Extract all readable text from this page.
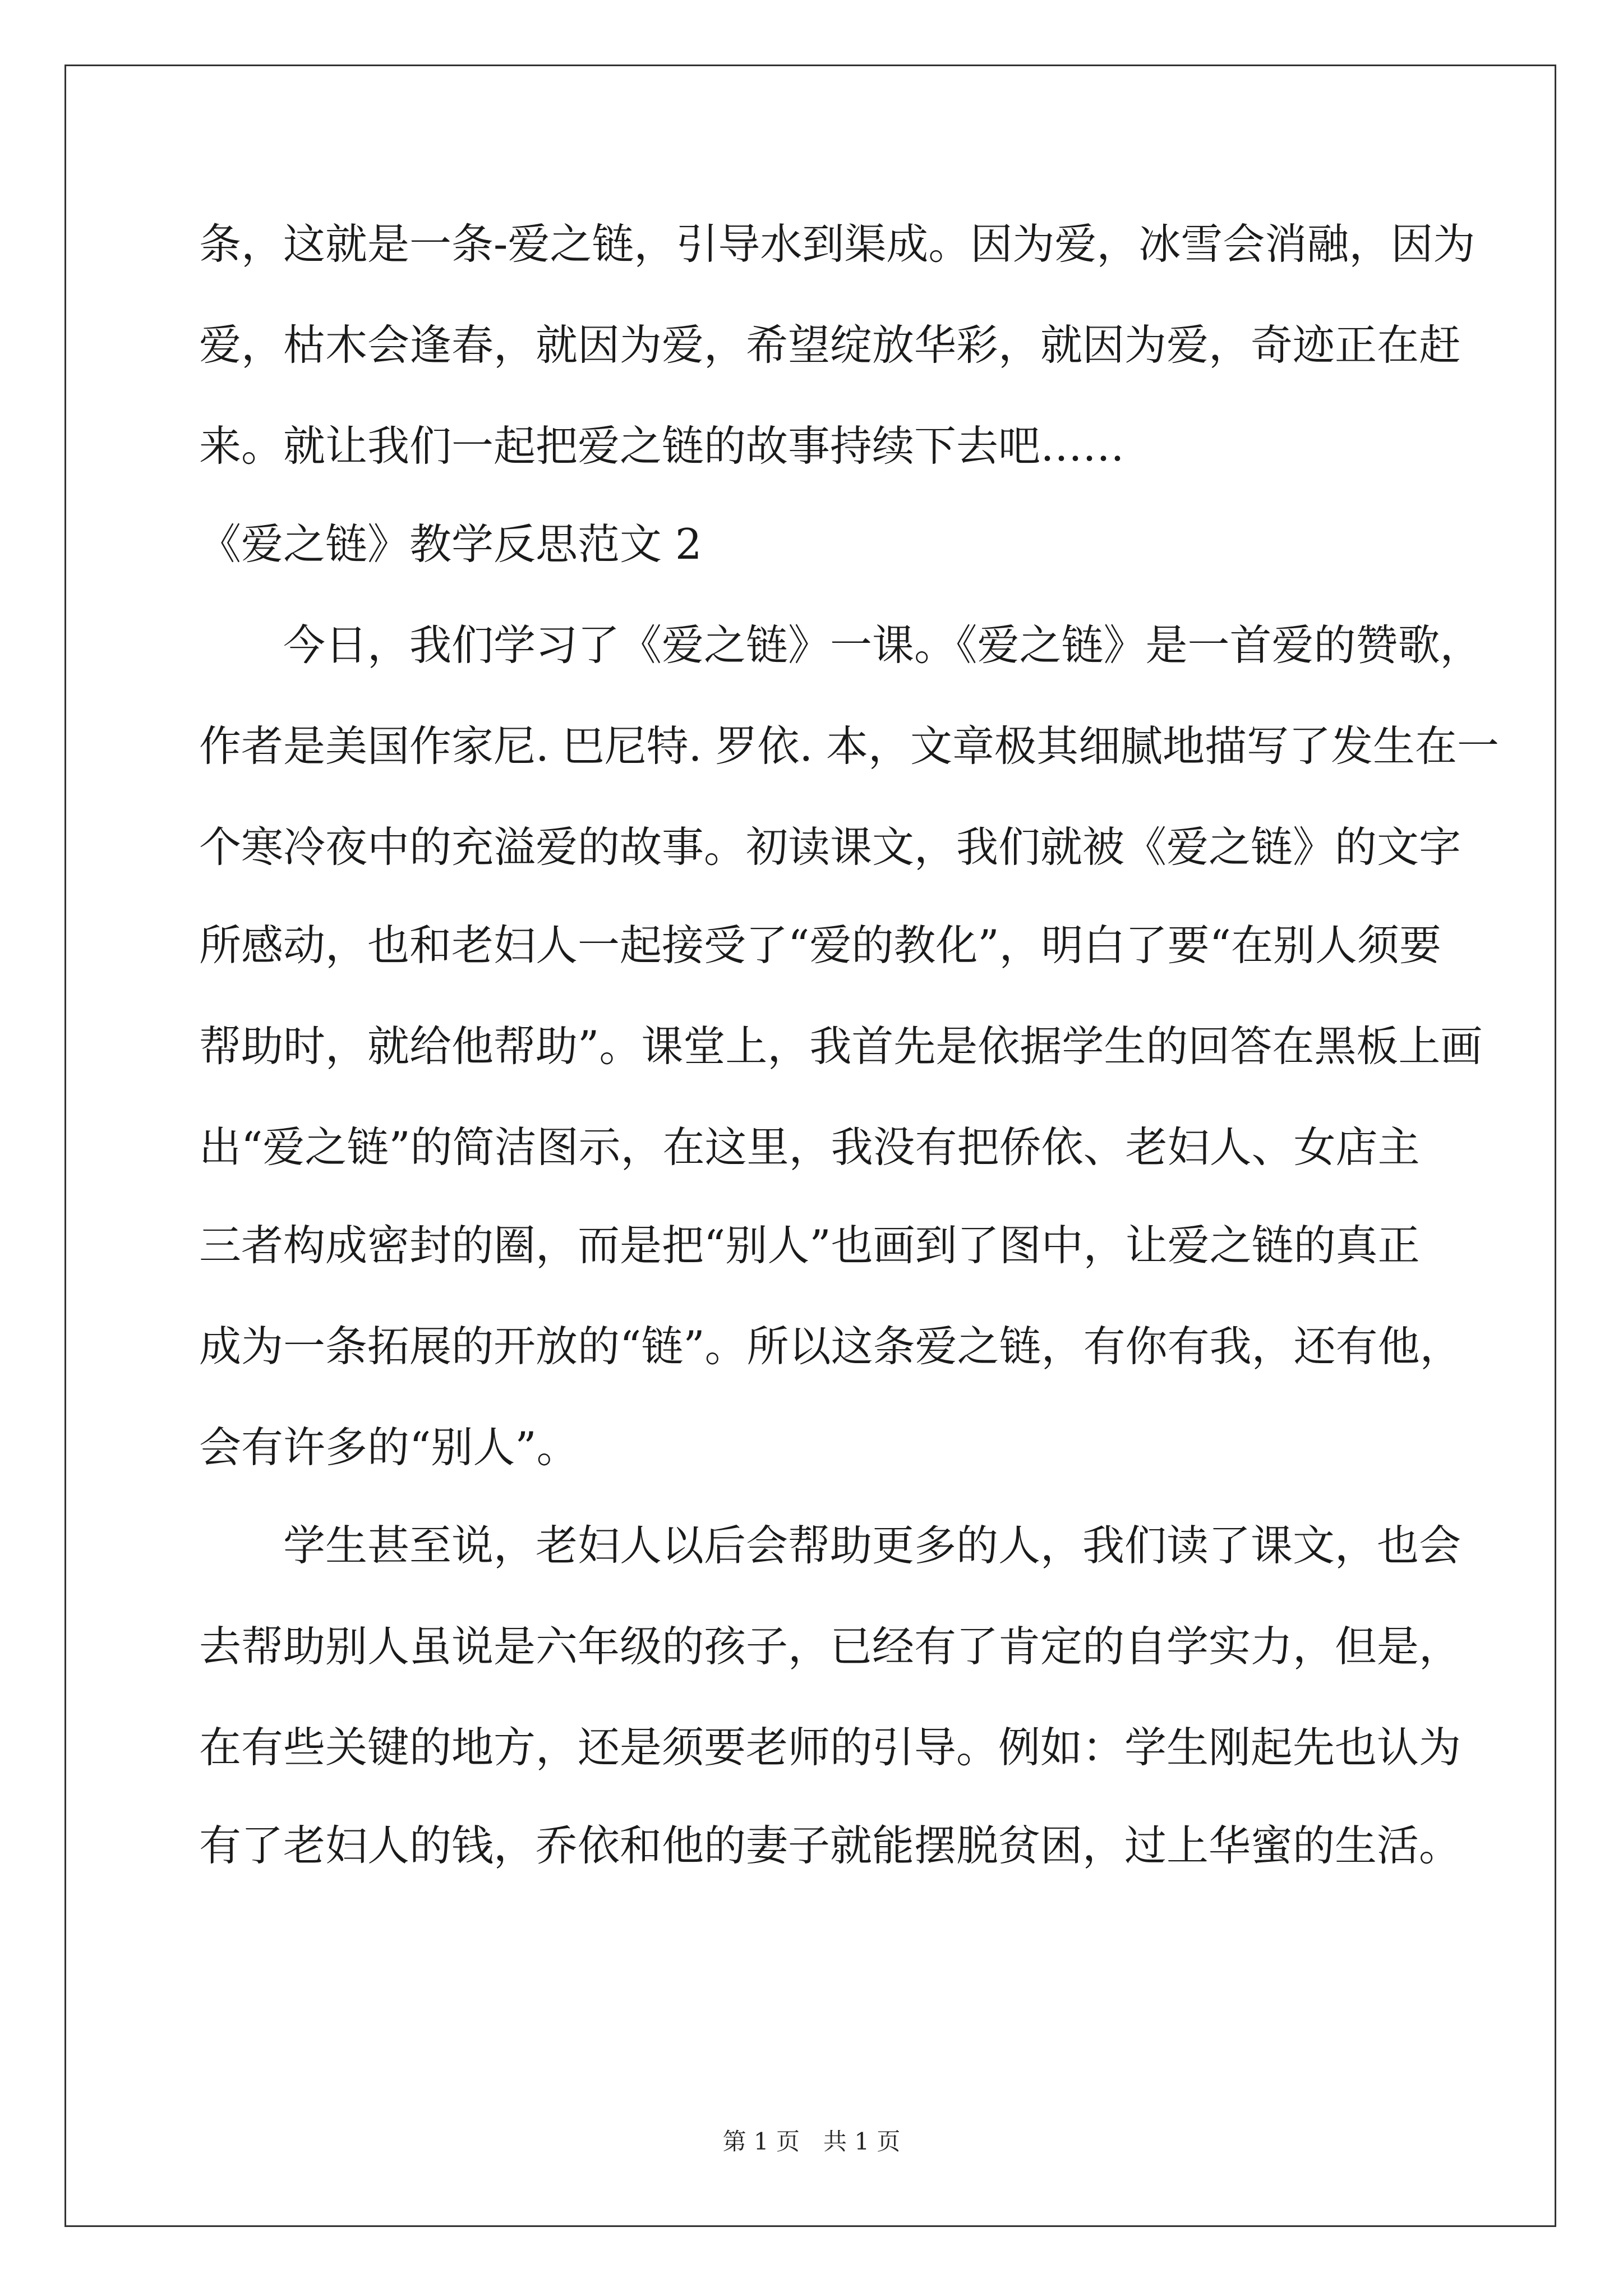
条，这就是一条-爱之链，引导水到渠成。因为爱，冰雪会消融，因为
爱，枯木会逢春，就因为爱，希望绽放华彩，就因为爱，奇迹正在赶
来。就让我们一起把爱之链的故事持续下去吧……
《爱之链》教学反思范文 2
今日，我们学习了《爱之链》一课。《爱之链》是一首爱的赞歌，
作者是美国作家尼. 巴尼特. 罗依. 本，文章极其细腻地描写了发生在一
个寒冷夜中的充溢爱的故事。初读课文，我们就被《爱之链》的文字
所感动，也和老妇人一起接受了“爱的教化”，明白了要“在别人须要
帮助时，就给他帮助”。课堂上，我首先是依据学生的回答在黑板上画
出“爱之链”的简洁图示，在这里，我没有把侨依、老妇人、女店主
三者构成密封的圈，而是把“别人”也画到了图中，让爱之链的真正
成为一条拓展的开放的“链”。所以这条爱之链，有你有我，还有他，
会有许多的“别人”。
学生甚至说，老妇人以后会帮助更多的人，我们读了课文，也会
去帮助别人虽说是六年级的孩子，已经有了肯定的自学实力，但是，
在有些关键的地方，还是须要老师的引导。例如：学生刚起先也认为
有了老妇人的钱，乔依和他的妻子就能摆脱贫困，过上华蜜的生活。
第 1 页　共 1 页
